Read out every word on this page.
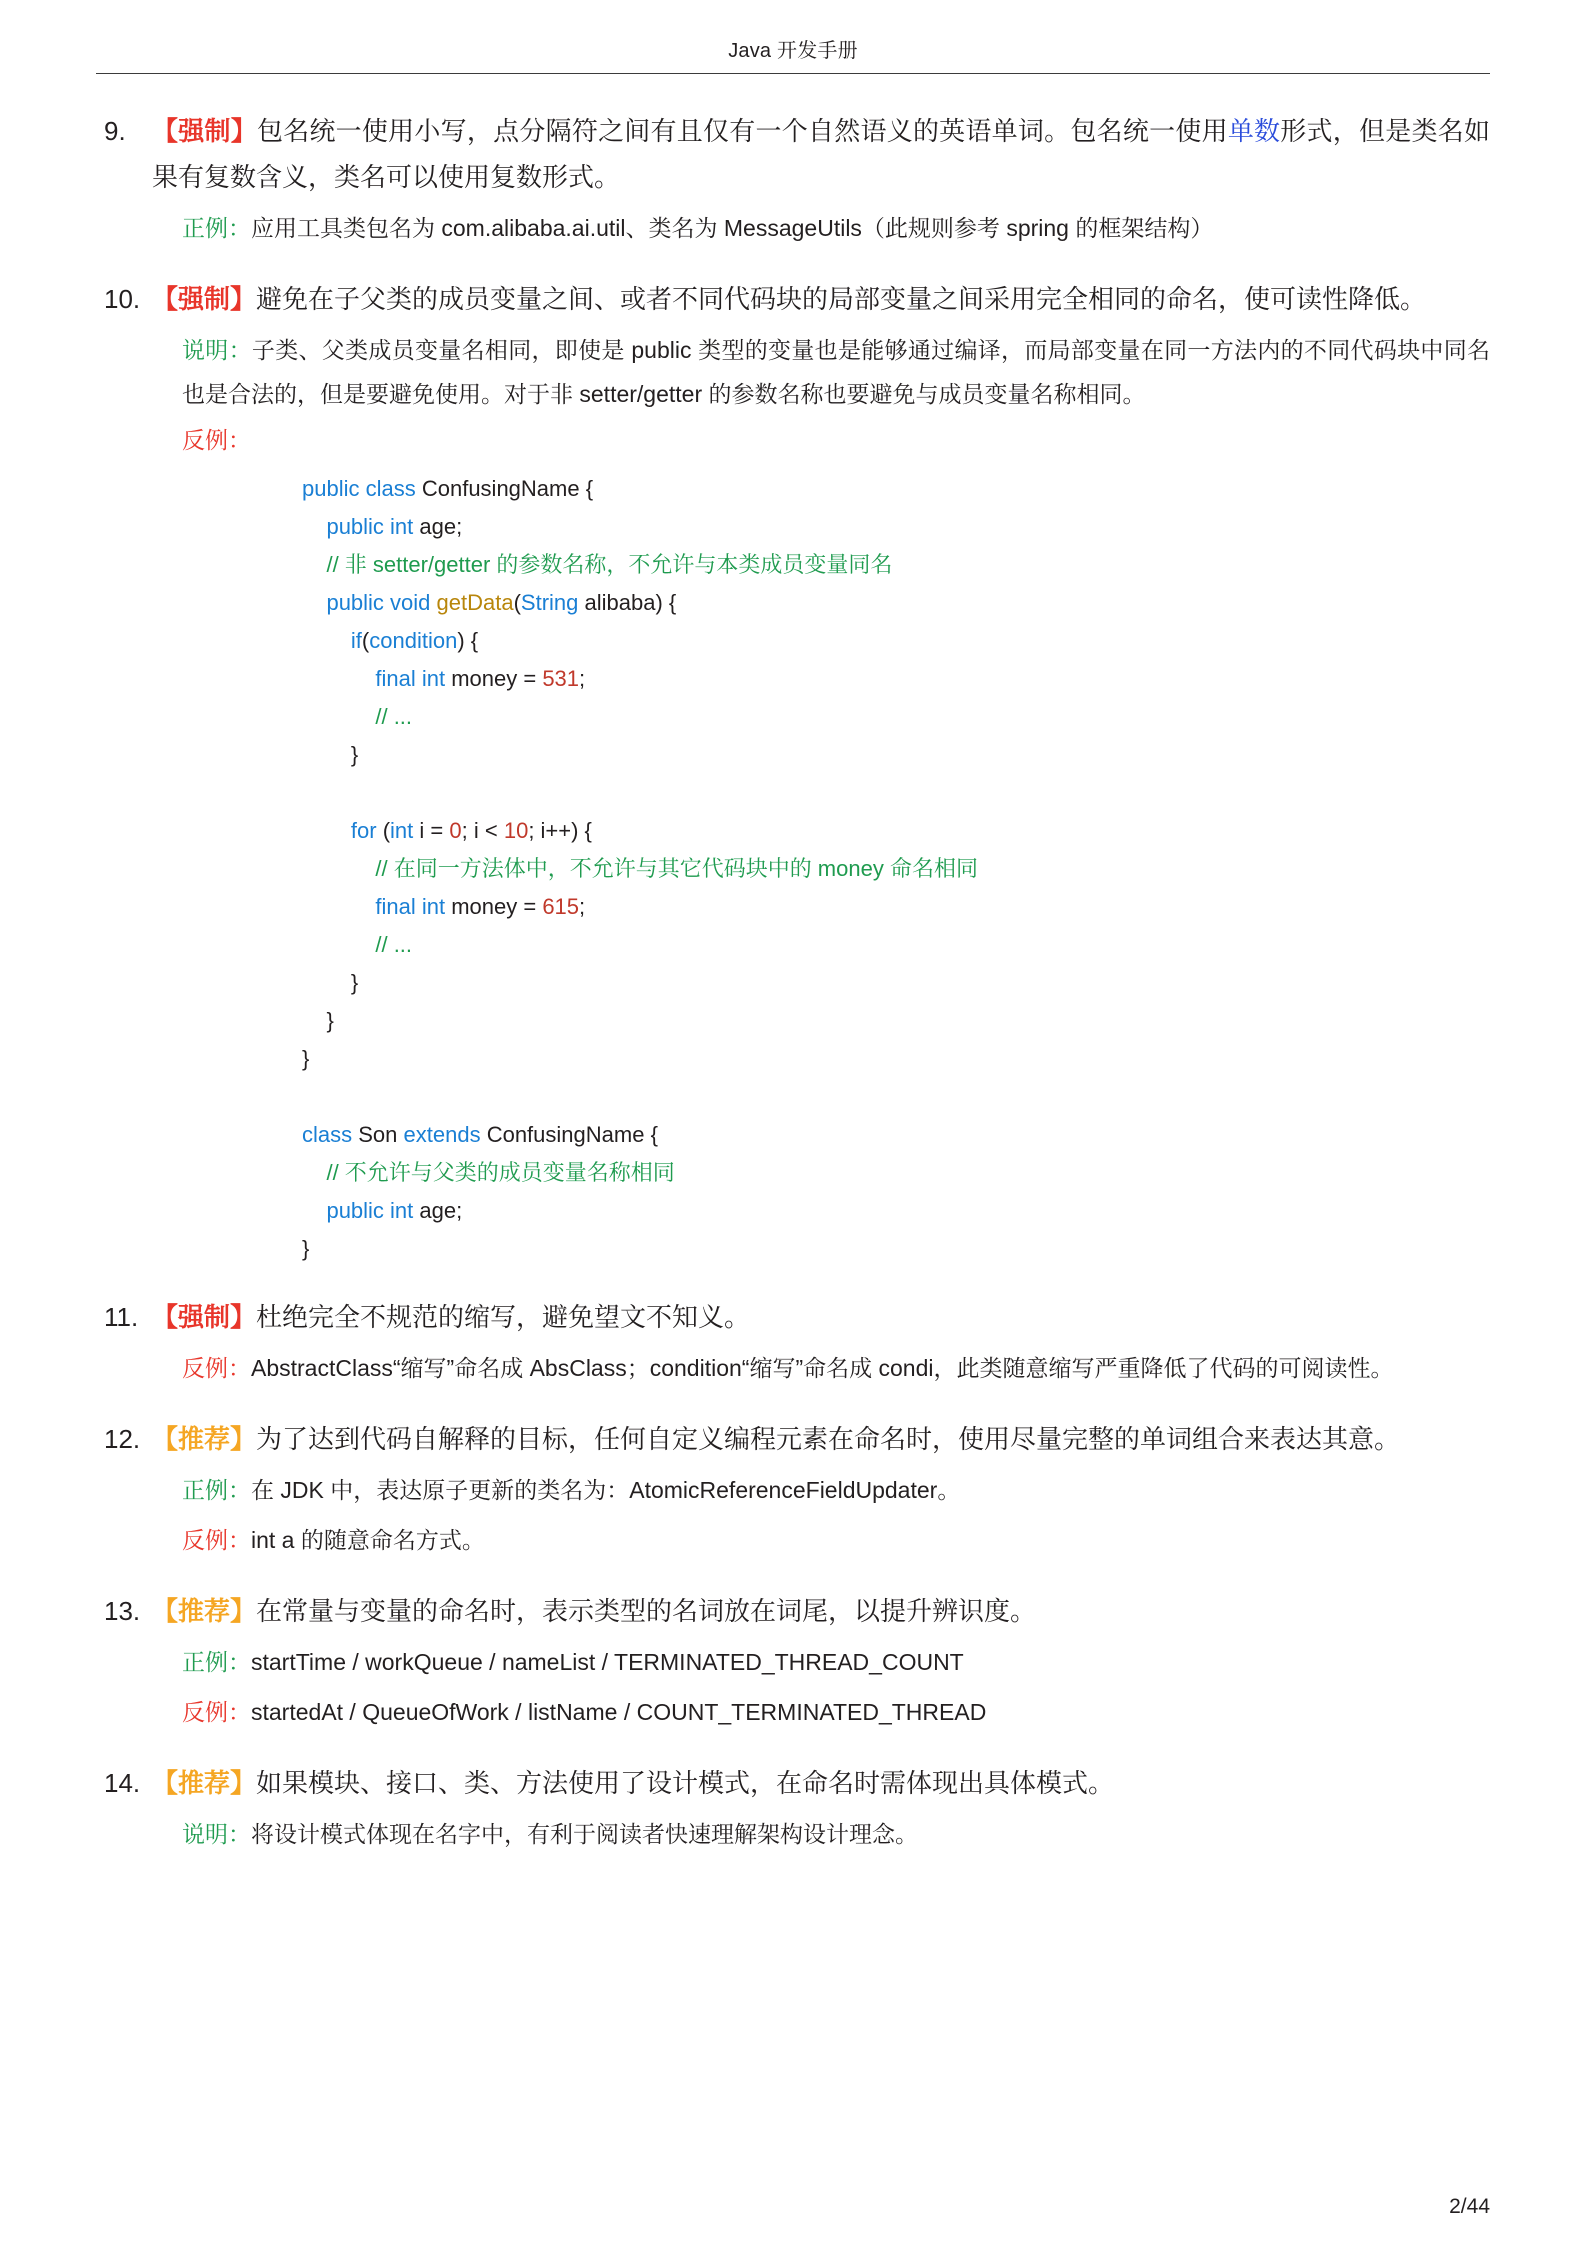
Java 开发手册
9.	【强制】包名统一使用小写，点分隔符之间有且仅有一个自然语义的英语单词。包名统一使用单数形式，但是类名如果有复数含义，类名可以使用复数形式。
正例：应用工具类包名为 com.alibaba.ai.util、类名为 MessageUtils（此规则参考 spring 的框架结构）
10. 【强制】避免在子父类的成员变量之间、或者不同代码块的局部变量之间采用完全相同的命名，使可读性降低。
说明：子类、父类成员变量名相同，即使是 public 类型的变量也是能够通过编译，而局部变量在同一方法内的不同代码块中同名也是合法的，但是要避免使用。对于非 setter/getter 的参数名称也要避免与成员变量名称相同。
反例：
public class ConfusingName {
public int age;
// 非 setter/getter 的参数名称，不允许与本类成员变量同名
public void getData(String alibaba) {
if(condition) {
final int money = 531;
// ...
}

for (int i = 0; i < 10; i++) {
// 在同一方法体中，不允许与其它代码块中的 money 命名相同
final int money = 615;
// ...
}
}
}

class Son extends ConfusingName {
// 不允许与父类的成员变量名称相同
public int age;
}
11. 【强制】杜绝完全不规范的缩写，避免望文不知义。
反例：AbstractClass“缩写”命名成 AbsClass；condition“缩写”命名成 condi，此类随意缩写严重降低了代码的可阅读性。
12. 【推荐】为了达到代码自解释的目标，任何自定义编程元素在命名时，使用尽量完整的单词组合来表达其意。
正例：在 JDK 中，表达原子更新的类名为：AtomicReferenceFieldUpdater。
反例：int a 的随意命名方式。
13. 【推荐】在常量与变量的命名时，表示类型的名词放在词尾，以提升辨识度。
正例：startTime / workQueue / nameList / TERMINATED_THREAD_COUNT
反例：startedAt / QueueOfWork / listName / COUNT_TERMINATED_THREAD
14. 【推荐】如果模块、接口、类、方法使用了设计模式，在命名时需体现出具体模式。
说明：将设计模式体现在名字中，有利于阅读者快速理解架构设计理念。
2/44
